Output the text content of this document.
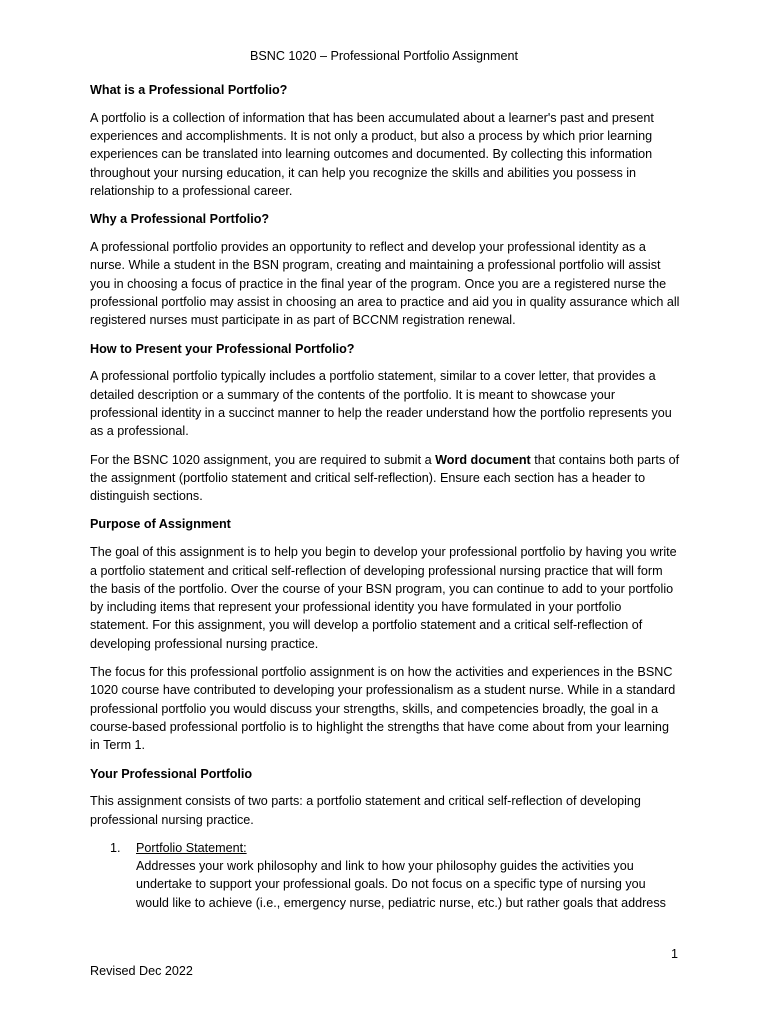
BSNC 1020 – Professional Portfolio Assignment
What is a Professional Portfolio?

A portfolio is a collection of information that has been accumulated about a learner's past and present experiences and accomplishments. It is not only a product, but also a process by which prior learning experiences can be translated into learning outcomes and documented. By collecting this information throughout your nursing education, it can help you recognize the skills and abilities you possess in relationship to a professional career.

Why a Professional Portfolio?

A professional portfolio provides an opportunity to reflect and develop your professional identity as a nurse. While a student in the BSN program, creating and maintaining a professional portfolio will assist you in choosing a focus of practice in the final year of the program. Once you are a registered nurse the professional portfolio may assist in choosing an area to practice and aid you in quality assurance which all registered nurses must participate in as part of BCCNM registration renewal.

How to Present your Professional Portfolio?

A professional portfolio typically includes a portfolio statement, similar to a cover letter, that provides a detailed description or a summary of the contents of the portfolio. It is meant to showcase your professional identity in a succinct manner to help the reader understand how the portfolio represents you as a professional.

For the BSNC 1020 assignment, you are required to submit a Word document that contains both parts of the assignment (portfolio statement and critical self-reflection). Ensure each section has a header to distinguish sections.

Purpose of Assignment

The goal of this assignment is to help you begin to develop your professional portfolio by having you write a portfolio statement and critical self-reflection of developing professional nursing practice that will form the basis of the portfolio. Over the course of your BSN program, you can continue to add to your portfolio by including items that represent your professional identity you have formulated in your portfolio statement. For this assignment, you will develop a portfolio statement and a critical self-reflection of developing professional nursing practice.

The focus for this professional portfolio assignment is on how the activities and experiences in the BSNC 1020 course have contributed to developing your professionalism as a student nurse. While in a standard professional portfolio you would discuss your strengths, skills, and competencies broadly, the goal in a course-based professional portfolio is to highlight the strengths that have come about from your learning in Term 1.

Your Professional Portfolio

This assignment consists of two parts: a portfolio statement and critical self-reflection of developing professional nursing practice.

1. Portfolio Statement:
Addresses your work philosophy and link to how your philosophy guides the activities you undertake to support your professional goals. Do not focus on a specific type of nursing you would like to achieve (i.e., emergency nurse, pediatric nurse, etc.) but rather goals that address
1
Revised Dec 2022
